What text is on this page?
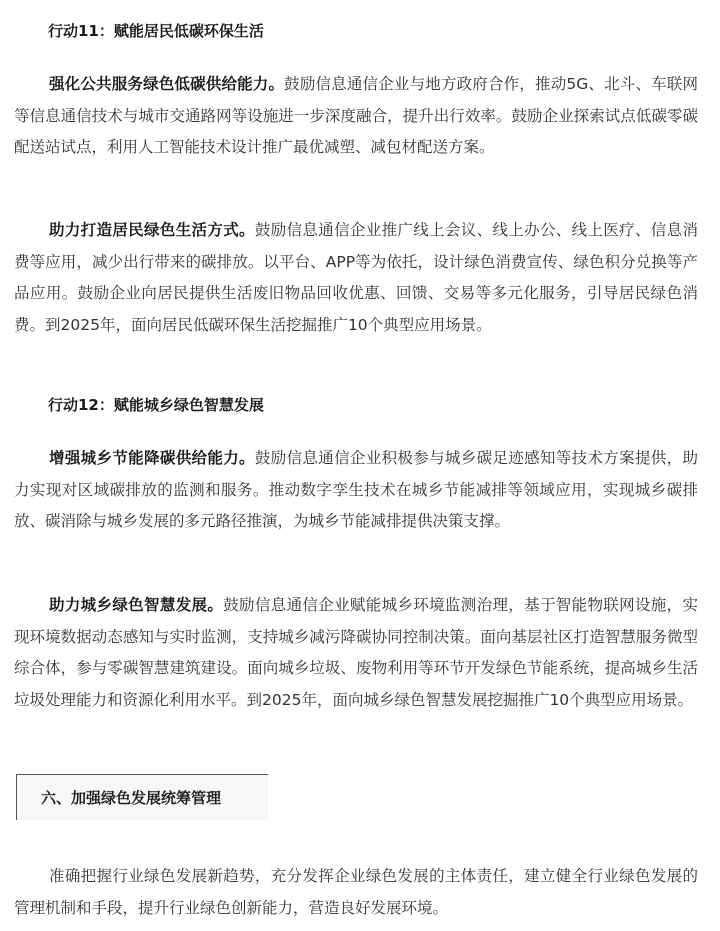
行动11：赋能居民低碳环保生活

强化公共服务绿色低碳供给能力。鼓励信息通信企业与地方政府合作，推动5G、北斗、车联网等信息通信技术与城市交通路网等设施进一步深度融合，提升出行效率。鼓励企业探索试点低碳零碳配送站试点，利用人工智能技术设计推广最优减塑、减包材配送方案。

助力打造居民绿色生活方式。鼓励信息通信企业推广线上会议、线上办公、线上医疗、信息消费等应用，减少出行带来的碳排放。以平台、APP等为依托，设计绿色消费宣传、绿色积分兑换等产品应用。鼓励企业向居民提供生活废旧物品回收优惠、回馈、交易等多元化服务，引导居民绿色消费。到2025年，面向居民低碳环保生活挖掘推广10个典型应用场景。

行动12：赋能城乡绿色智慧发展

增强城乡节能降碳供给能力。鼓励信息通信企业积极参与城乡碳足迹感知等技术方案提供，助力实现对区域碳排放的监测和服务。推动数字孪生技术在城乡节能减排等领域应用，实现城乡碳排放、碳消除与城乡发展的多元路径推演，为城乡节能减排提供决策支撑。

助力城乡绿色智慧发展。鼓励信息通信企业赋能城乡环境监测治理，基于智能物联网设施，实现环境数据动态感知与实时监测，支持城乡减污降碳协同控制决策。面向基层社区打造智慧服务微型综合体，参与零碳智慧建筑建设。面向城乡垃圾、废物利用等环节开发绿色节能系统，提高城乡生活垃圾处理能力和资源化利用水平。到2025年，面向城乡绿色智慧发展挖掘推广10个典型应用场景。

六、加强绿色发展统筹管理

准确把握行业绿色发展新趋势，充分发挥企业绿色发展的主体责任，建立健全行业绿色发展的管理机制和手段，提升行业绿色创新能力，营造良好发展环境。
